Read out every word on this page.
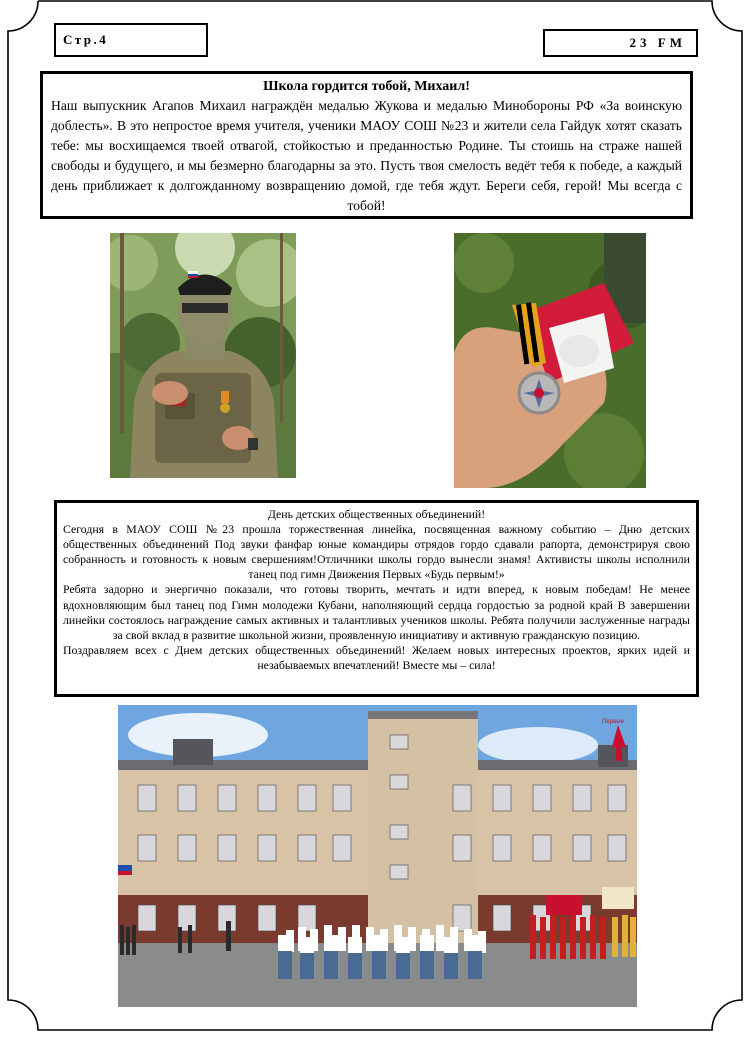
Стр.4	23 FM
Школа гордится тобой, Михаил!
Наш выпускник Агапов Михаил награждён медалью Жукова и медалью Минобороны РФ «За воинскую доблесть». В это непростое время учителя, ученики МАОУ СОШ №23 и жители села Гайдук хотят сказать тебе: мы восхищаемся твоей отвагой, стойкостью и преданностью Родине. Ты стоишь на страже нашей свободы и будущего, и мы безмерно благодарны за это. Пусть твоя смелость ведёт тебя к победе, а каждый день приближает к долгожданному возвращению домой, где тебя ждут. Береги себя, герой! Мы всегда с тобой!

День детских общественных объединений!

Сегодня в МАОУ СОШ №23 прошла торжественная линейка, посвященная важному событию – Дню детских общественных объединений Под звуки фанфар юные командиры отрядов гордо сдавали рапорта, демонстрируя свою собранность и готовность к новым свершениям!Отличники школы гордо вынесли знамя! Активисты школы исполнили танец под гимн Движения Первых «Будь первым!»

Ребята задорно и энергично показали, что готовы творить, мечтать и идти вперед, к новым победам! Не менее вдохновляющим был танец под Гимн молодежи Кубани, наполняющий сердца гордостью за родной край В завершении линейки состоялось награждение самых активных и талантливых учеников школы. Ребята получили заслуженные награды за свой вклад в развитие школьной жизни, проявленную инициативу и активную гражданскую позицию.

Поздравляем всех с Днем детских общественных объединений! Желаем новых интересных проектов, ярких идей и незабываемых впечатлений! Вместе мы – сила!

Первые
